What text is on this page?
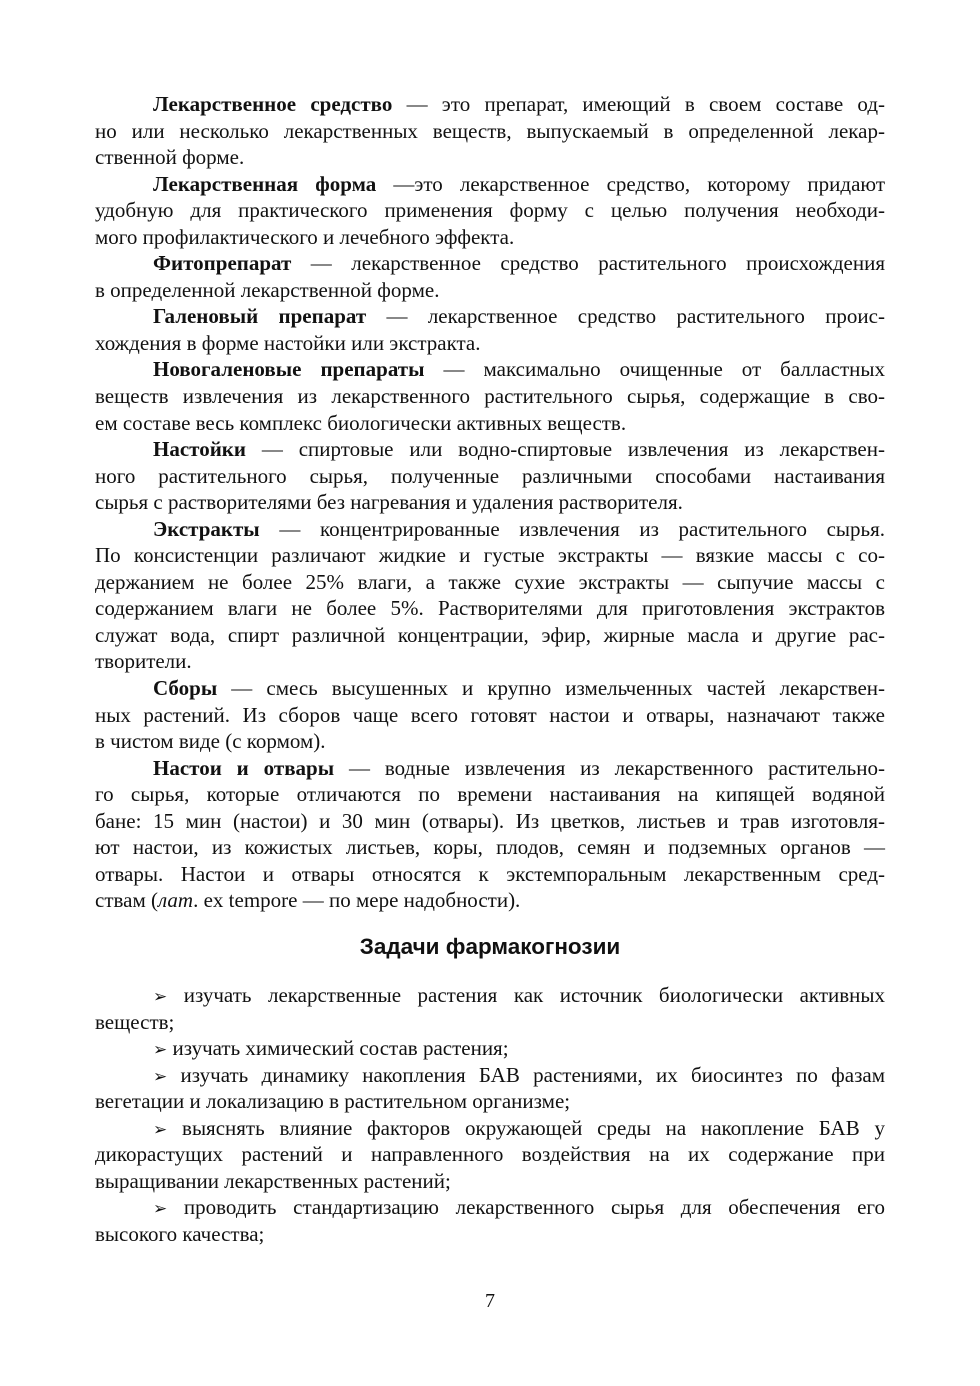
Лекарственное средство — это препарат, имеющий в своем составе од-
но или несколько лекарственных веществ, выпускаемый в определенной лекар-
ственной форме.
Лекарственная форма —это лекарственное средство, которому придают
удобную для практического применения форму с целью получения необходи-
мого профилактического и лечебного эффекта.
Фитопрепарат — лекарственное средство растительного происхождения
в определенной лекарственной форме.
Галеновый препарат — лекарственное средство растительного проис-
хождения в форме настойки или экстракта.
Новогаленовые препараты — максимально очищенные от балластных
веществ извлечения из лекарственного растительного сырья, содержащие в сво-
ем составе весь комплекс биологически активных веществ.
Настойки — спиртовые или водно-спиртовые извлечения из лекарствен-
ного растительного сырья, полученные различными способами настаивания
сырья с растворителями без нагревания и удаления растворителя.
Экстракты — концентрированные извлечения из растительного сырья.
По консистенции различают жидкие и густые экстракты — вязкие массы с со-
держанием не более 25% влаги, а также сухие экстракты — сыпучие массы с
содержанием влаги не более 5%. Растворителями для приготовления экстрактов
служат вода, спирт различной концентрации, эфир, жирные масла и другие рас-
творители.
Сборы — смесь высушенных и крупно измельченных частей лекарствен-
ных растений. Из сборов чаще всего готовят настои и отвары, назначают также
в чистом виде (с кормом).
Настои и отвары — водные извлечения из лекарственного растительно-
го сырья, которые отличаются по времени настаивания на кипящей водяной
бане: 15 мин (настои) и 30 мин (отвары). Из цветков, листьев и трав изготовля-
ют настои, из кожистых листьев, коры, плодов, семян и подземных органов —
отвары. Настои и отвары относятся к экстемпоральным лекарственным сред-
ствам (лат. ex tempore — по мере надобности).
Задачи фармакогнозии
➢ изучать лекарственные растения как источник биологически активных
веществ;
➢ изучать химический состав растения;
➢ изучать динамику накопления БАВ растениями, их биосинтез по фазам
вегетации и локализацию в растительном организме;
➢ выяснять влияние факторов окружающей среды на накопление БАВ у
дикорастущих растений и направленного воздействия на их содержание при
выращивании лекарственных растений;
➢ проводить стандартизацию лекарственного сырья для обеспечения его
высокого качества;
7
